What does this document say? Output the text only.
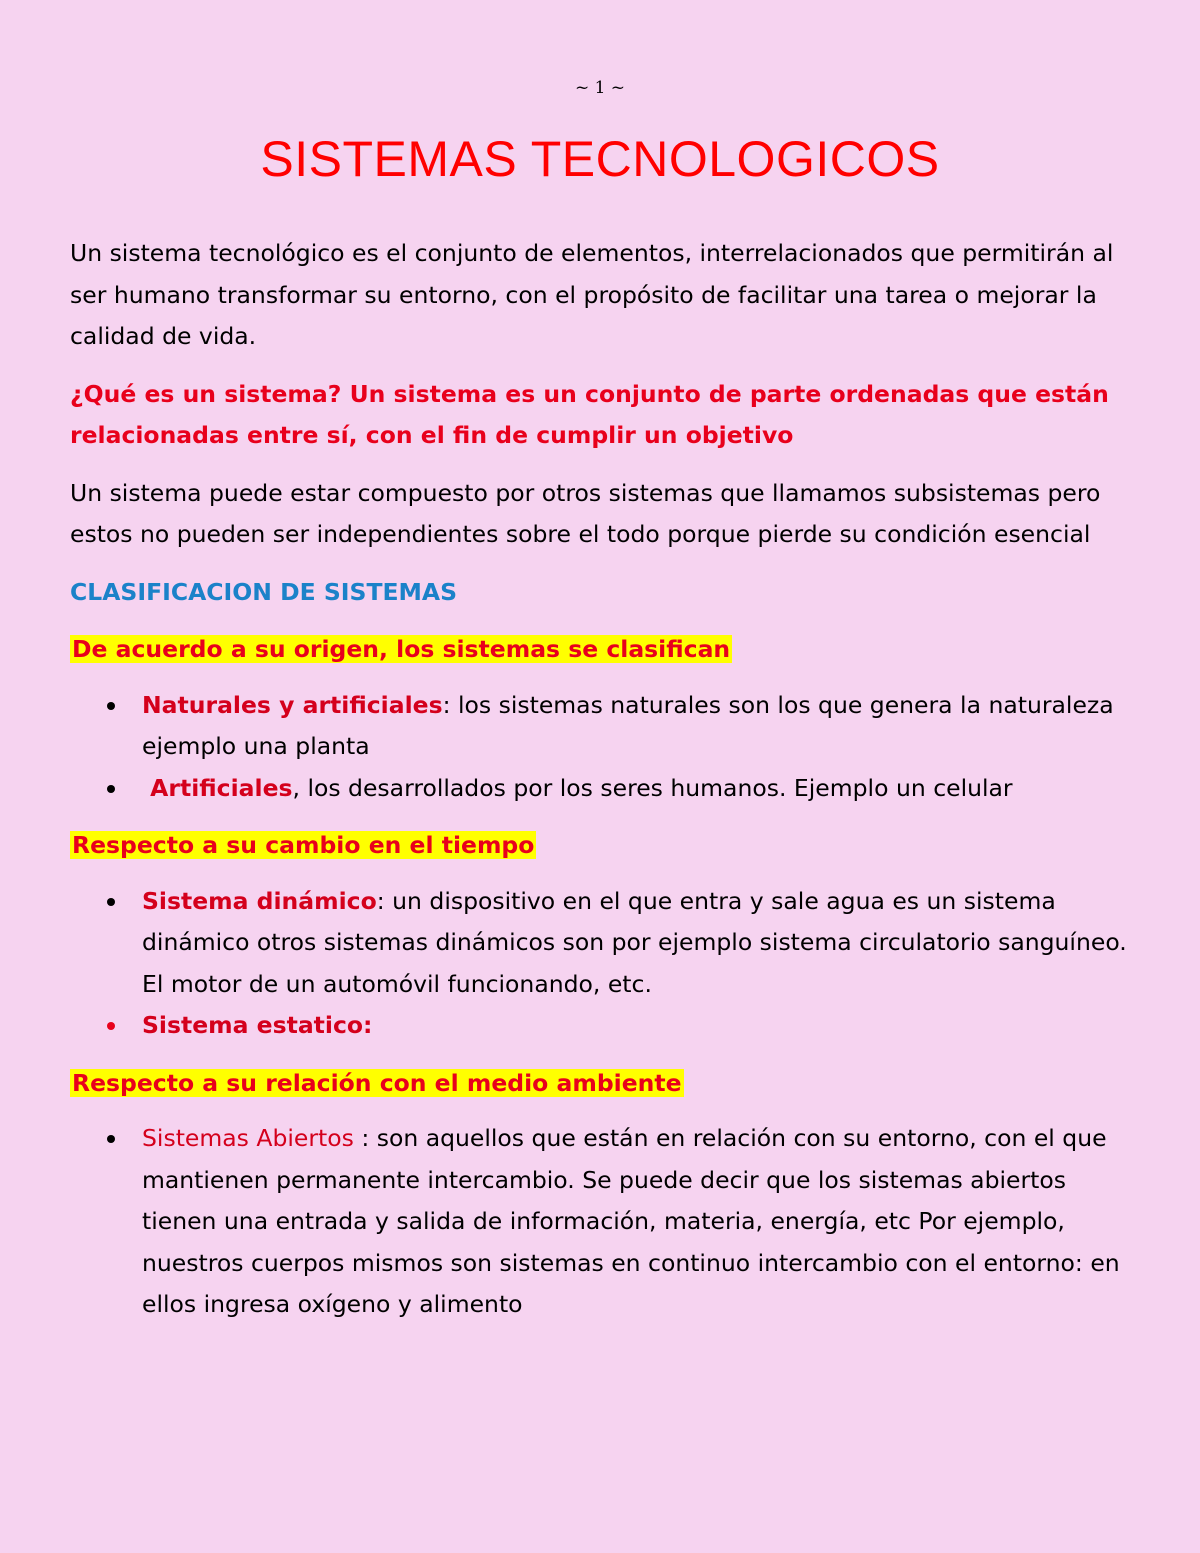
~ 1 ~
SISTEMAS TECNOLOGICOS

Un sistema tecnológico es el conjunto de elementos, interrelacionados que permitirán al ser humano transformar su entorno, con el propósito de facilitar una tarea o mejorar la calidad de vida.

¿Qué es un sistema? Un sistema es un conjunto de parte ordenadas que están relacionadas entre sí, con el fin de cumplir un objetivo

Un sistema puede estar compuesto por otros sistemas que llamamos subsistemas pero estos no pueden ser independientes sobre el todo porque pierde su condición esencial

CLASIFICACION DE SISTEMAS

De acuerdo a su origen, los sistemas se clasifican

Naturales y artificiales: los sistemas naturales son los que genera la naturaleza ejemplo una planta
Artificiales, los desarrollados por los seres humanos. Ejemplo un celular

Respecto a su cambio en el tiempo

Sistema dinámico: un dispositivo en el que entra y sale agua es un sistema dinámico otros sistemas dinámicos son por ejemplo sistema circulatorio sanguíneo. El motor de un automóvil funcionando, etc.
Sistema estatico:

Respecto a su relación con el medio ambiente

Sistemas Abiertos : son aquellos que están en relación con su entorno, con el que mantienen permanente intercambio. Se puede decir que los sistemas abiertos tienen una entrada y salida de información, materia, energía, etc Por ejemplo, nuestros cuerpos mismos son sistemas en continuo intercambio con el entorno: en ellos ingresa oxígeno y alimento
